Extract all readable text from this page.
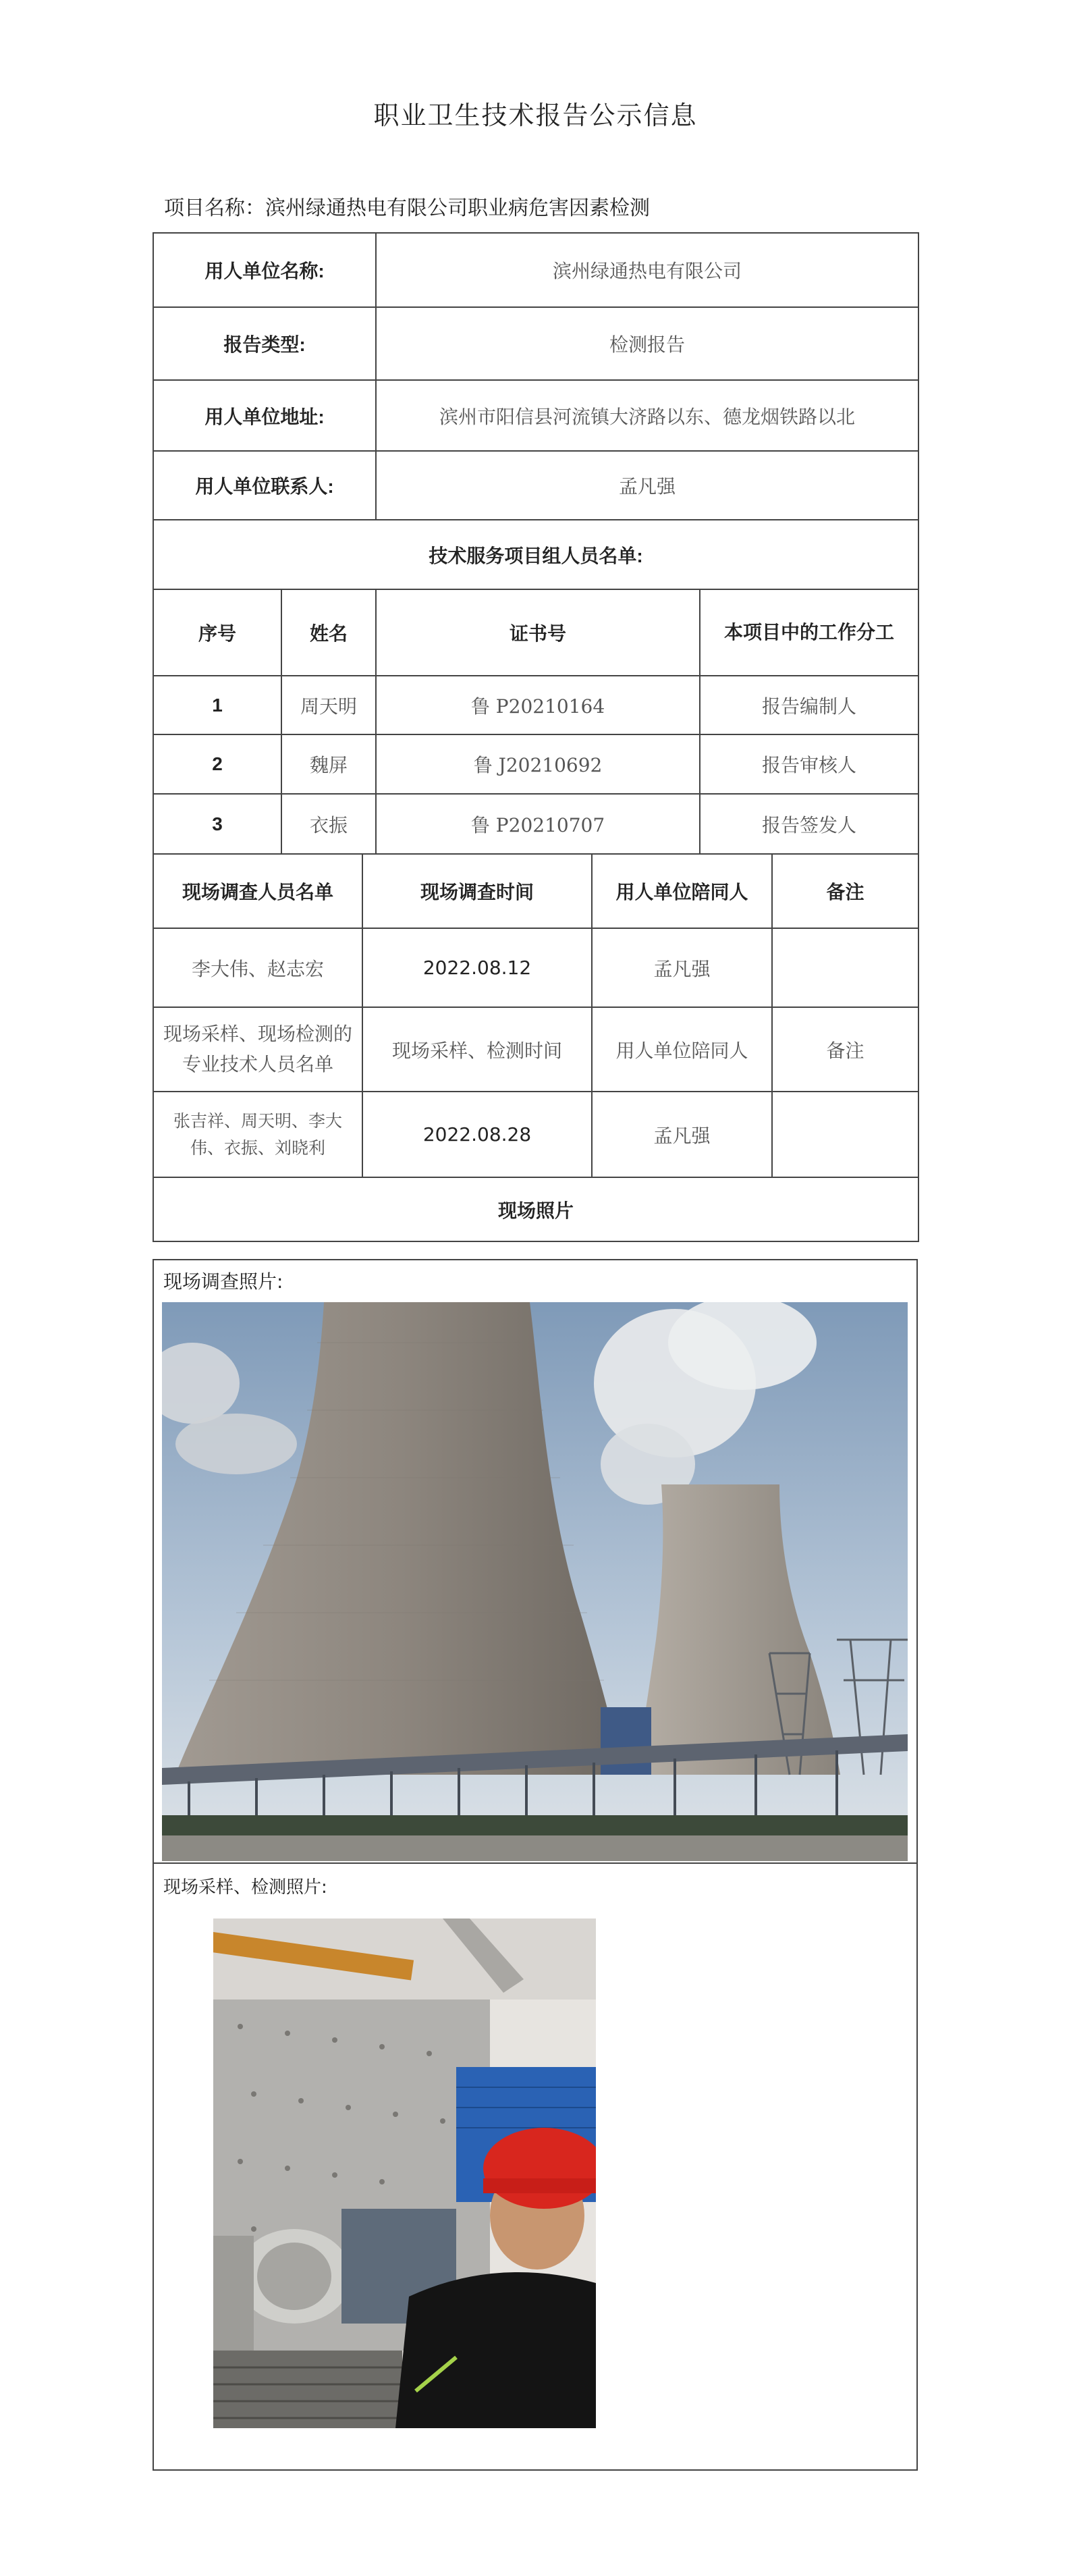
职业卫生技术报告公示信息
项目名称：滨州绿通热电有限公司职业病危害因素检测
用人单位名称:			滨州绿通热电有限公司			
报告类型:			检测报告			
用人单位地址:			滨州市阳信县河流镇大济路以东、德龙烟铁路以北			
用人单位联系人:			孟凡强			
技术服务项目组人员名单:						
序号	姓名		证书号		本项目中的工作分工	
1	周天明		鲁 P20210164		报告编制人	
2	魏屏		鲁 J20210692		报告审核人	
3	衣振		鲁 P20210707		报告签发人	
现场调查人员名单		现场调查时间		用人单位陪同人		备注
李大伟、赵志宏		2022.08.12		孟凡强		
现场采样、现场检测的专业技术人员名单		现场采样、检测时间		用人单位陪同人		备注
张吉祥、周天明、李大伟、衣振、刘晓利		2022.08.28		孟凡强		
现场照片						
现场调查照片:
现场采样、检测照片:
